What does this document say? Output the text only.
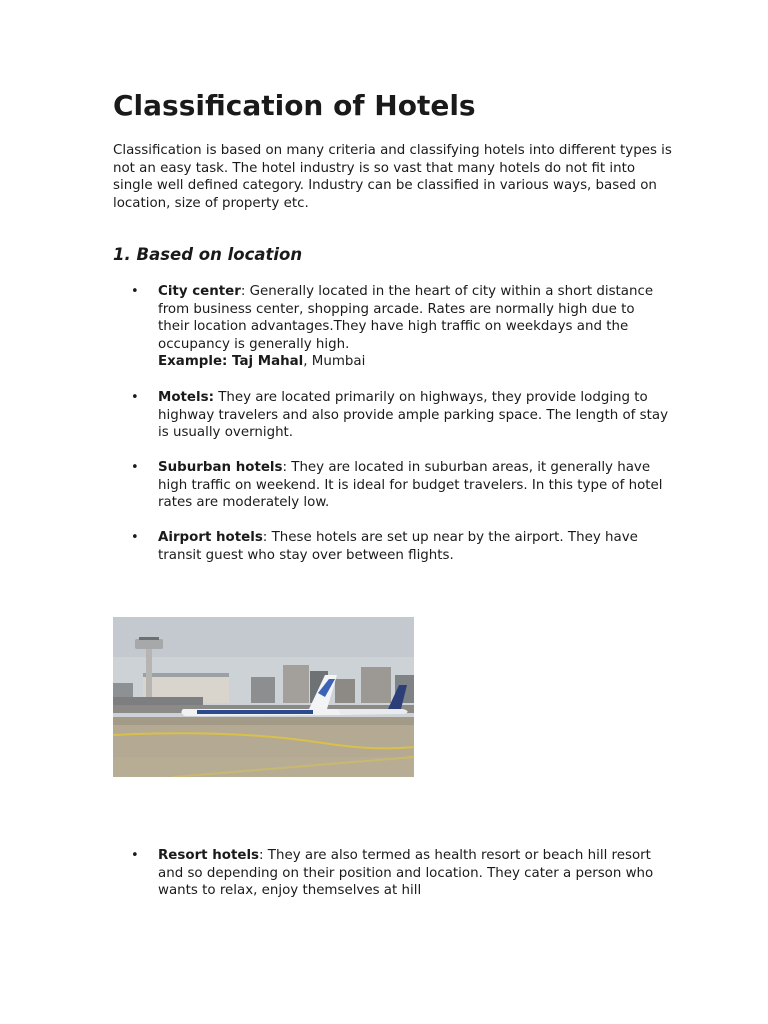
Classification of Hotels

Classification is based on many criteria and classifying hotels into different types is not an easy task. The hotel industry is so vast that many hotels do not fit into single well defined category. Industry can be classified in various ways, based on location, size of property etc.

1. Based on location
• City center: Generally located in the heart of city within a short distance from business center, shopping arcade. Rates are normally high due to their location advantages.They have high traffic on weekdays and the occupancy is generally high.
Example: Taj Mahal, Mumbai
• Motels: They are located primarily on highways, they provide lodging to highway travelers and also provide ample parking space. The length of stay is usually overnight.
• Suburban hotels: They are located in suburban areas, it generally have high traffic on weekend. It is ideal for budget travelers. In this type of hotel rates are moderately low.
• Airport hotels: These hotels are set up near by the airport. They have transit guest who stay over between flights.
• Resort hotels: They are also termed as health resort or beach hill resort and so depending on their position and location. They cater a person who wants to relax, enjoy themselves at hill
